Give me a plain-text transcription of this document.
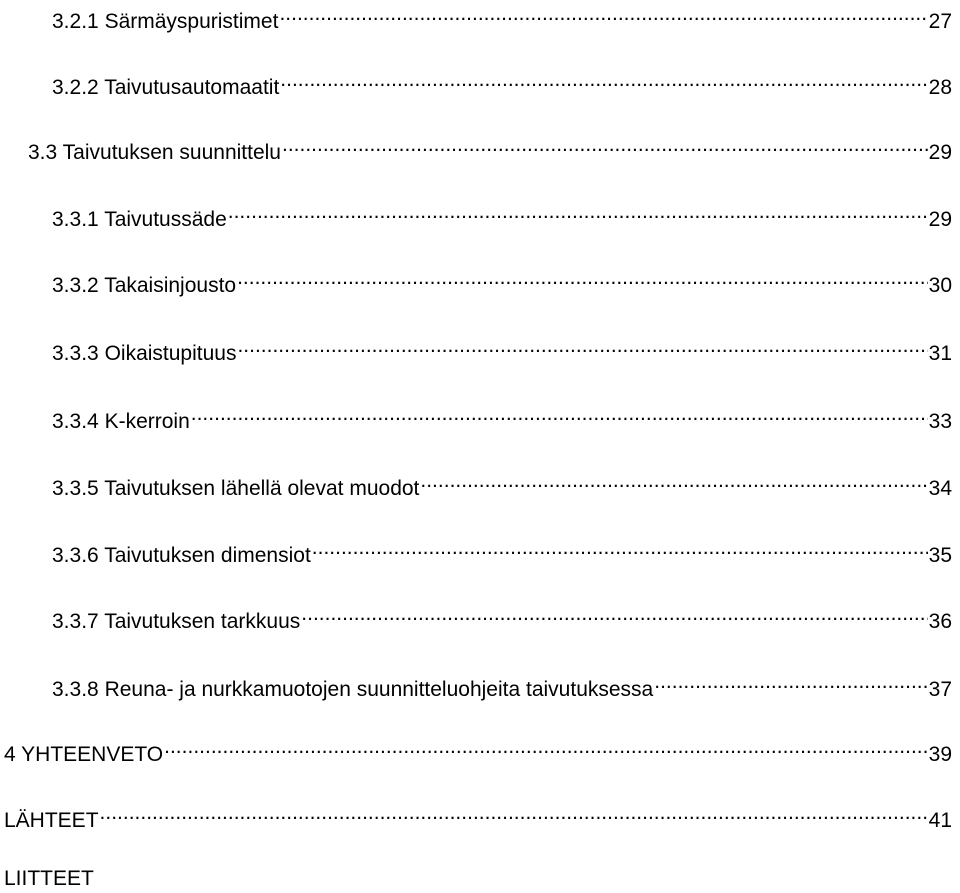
3.2.1 Särmäyspuristimet .....	27
3.2.2 Taivutusautomaatit .....	28
3.3 Taivutuksen suunnittelu .....	29
3.3.1 Taivutussäde .....	29
3.3.2 Takaisinjousto .....	30
3.3.3 Oikaistupituus .....	31
3.3.4 K-kerroin .....	33
3.3.5 Taivutuksen lähellä olevat muodot .....	34
3.3.6 Taivutuksen dimensiot .....	35
3.3.7 Taivutuksen tarkkuus .....	36
3.3.8 Reuna- ja nurkkamuotojen suunnitteluohjeita taivutuksessa .....	37
4 YHTEENVETO .....	39
LÄHTEET .....	41
LIITTEET
